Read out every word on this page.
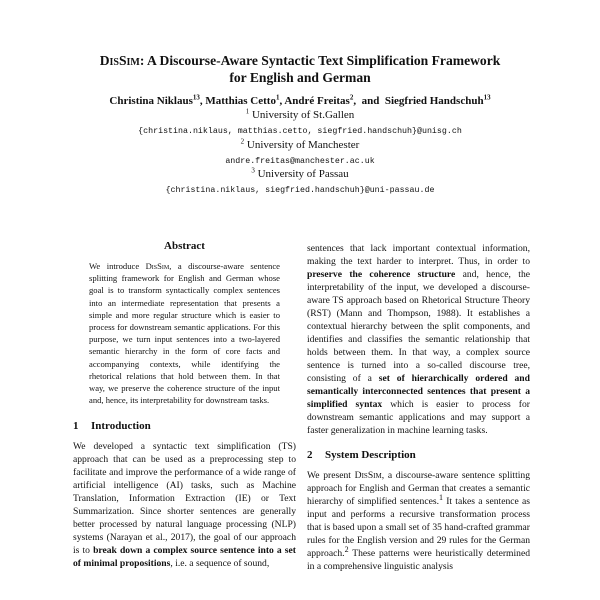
DisSim: A Discourse-Aware Syntactic Text Simplification Framework
for English and German
Christina Niklaus$^{13}$, Matthias Cetto$^1$, André Freitas$^2$,  and  Siegfried Handschuh$^{13}$
$^1$ University of St.Gallen
{christina.niklaus, matthias.cetto, siegfried.handschuh}@unisg.ch
$^2$ University of Manchester
andre.freitas@manchester.ac.uk
$^3$ University of Passau
{christina.niklaus, siegfried.handschuh}@uni-passau.de
Abstract

We introduce DisSim, a discourse-aware sentence splitting framework for English and German whose goal is to transform syntactically complex sentences into an intermediate representation that presents a simple and more regular structure which is easier to process for downstream semantic applications. For this purpose, we turn input sentences into a two-layered semantic hierarchy in the form of core facts and accompanying contexts, while identifying the rhetorical relations that hold between them. In that way, we preserve the coherence structure of the input and, hence, its interpretability for downstream tasks.

1 Introduction

We developed a syntactic text simplification (TS) approach that can be used as a preprocessing step to facilitate and improve the performance of a wide range of artificial intelligence (AI) tasks, such as Machine Translation, Information Extraction (IE) or Text Summarization. Since shorter sentences are generally better processed by natural language processing (NLP) systems (Narayan et al., 2017), the goal of our approach is to break down a complex source sentence into a set of minimal propositions, i.e. a sequence of sound,

sentences that lack important contextual information, making the text harder to interpret. Thus, in order to preserve the coherence structure and, hence, the interpretability of the input, we developed a discourse-aware TS approach based on Rhetorical Structure Theory (RST) (Mann and Thompson, 1988). It establishes a contextual hierarchy between the split components, and identifies and classifies the semantic relationship that holds between them. In that way, a complex source sentence is turned into a so-called discourse tree, consisting of a set of hierarchically ordered and semantically interconnected sentences that present a simplified syntax which is easier to process for downstream semantic applications and may support a faster generalization in machine learning tasks.

2 System Description

We present DisSim, a discourse-aware sentence splitting approach for English and German that creates a semantic hierarchy of simplified sentences.$^1$ It takes a sentence as input and performs a recursive transformation process that is based upon a small set of 35 hand-crafted grammar rules for the English version and 29 rules for the German approach.$^2$ These patterns were heuristically determined in a comprehensive linguistic analysis
